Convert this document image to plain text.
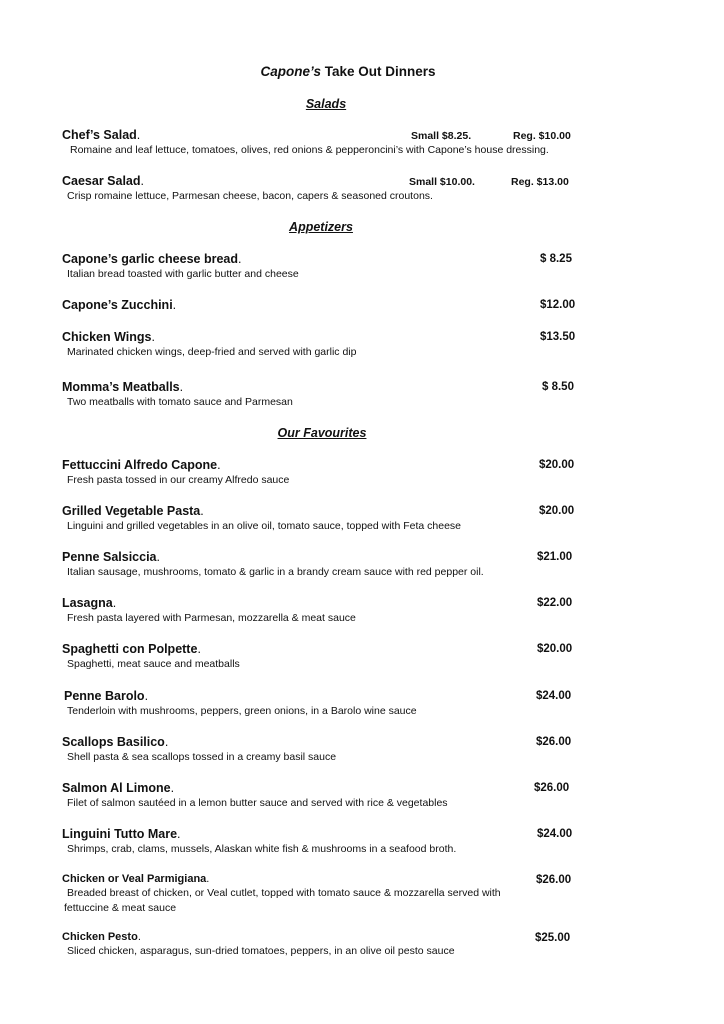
Capone’s Take Out Dinners
Salads
Chef’s Salad.
Romaine and leaf lettuce, tomatoes, olives, red onions & pepperoncini’s with Capone’s house dressing.
Small $8.25.	Reg. $10.00
Caesar Salad.
Crisp romaine lettuce, Parmesan cheese, bacon, capers & seasoned croutons.
Small $10.00.	Reg. $13.00
Appetizers
Capone’s garlic cheese bread.
Italian bread toasted with garlic butter and cheese
$ 8.25
Capone’s Zucchini.	$12.00
Chicken Wings.
Marinated chicken wings, deep-fried and served with garlic dip
$13.50
Momma’s Meatballs.
Two meatballs with tomato sauce and Parmesan
$ 8.50
Our Favourites
Fettuccini Alfredo Capone.
Fresh pasta tossed in our creamy Alfredo sauce
$20.00
Grilled Vegetable Pasta.
Linguini and grilled vegetables in an olive oil, tomato sauce, topped with Feta cheese
$20.00
Penne Salsiccia.
Italian sausage, mushrooms, tomato & garlic in a brandy cream sauce with red pepper oil.
$21.00
Lasagna.
Fresh pasta layered with Parmesan, mozzarella & meat sauce
$22.00
Spaghetti con Polpette.
Spaghetti, meat sauce and meatballs
$20.00
Penne Barolo.
Tenderloin with mushrooms, peppers, green onions, in a Barolo wine sauce
$24.00
Scallops Basilico.
Shell pasta & sea scallops tossed in a creamy basil sauce
$26.00
Salmon Al Limone.
Filet of salmon sautéed in a lemon butter sauce and served with rice & vegetables
$26.00
Linguini Tutto Mare.
Shrimps, crab, clams, mussels, Alaskan white fish & mushrooms in a seafood broth.
$24.00
Chicken or Veal Parmigiana.
Breaded breast of chicken, or Veal cutlet, topped with tomato sauce & mozzarella served with
fettuccine & meat sauce
$26.00
Chicken Pesto.
Sliced chicken, asparagus, sun-dried tomatoes, peppers, in an olive oil pesto sauce
$25.00
